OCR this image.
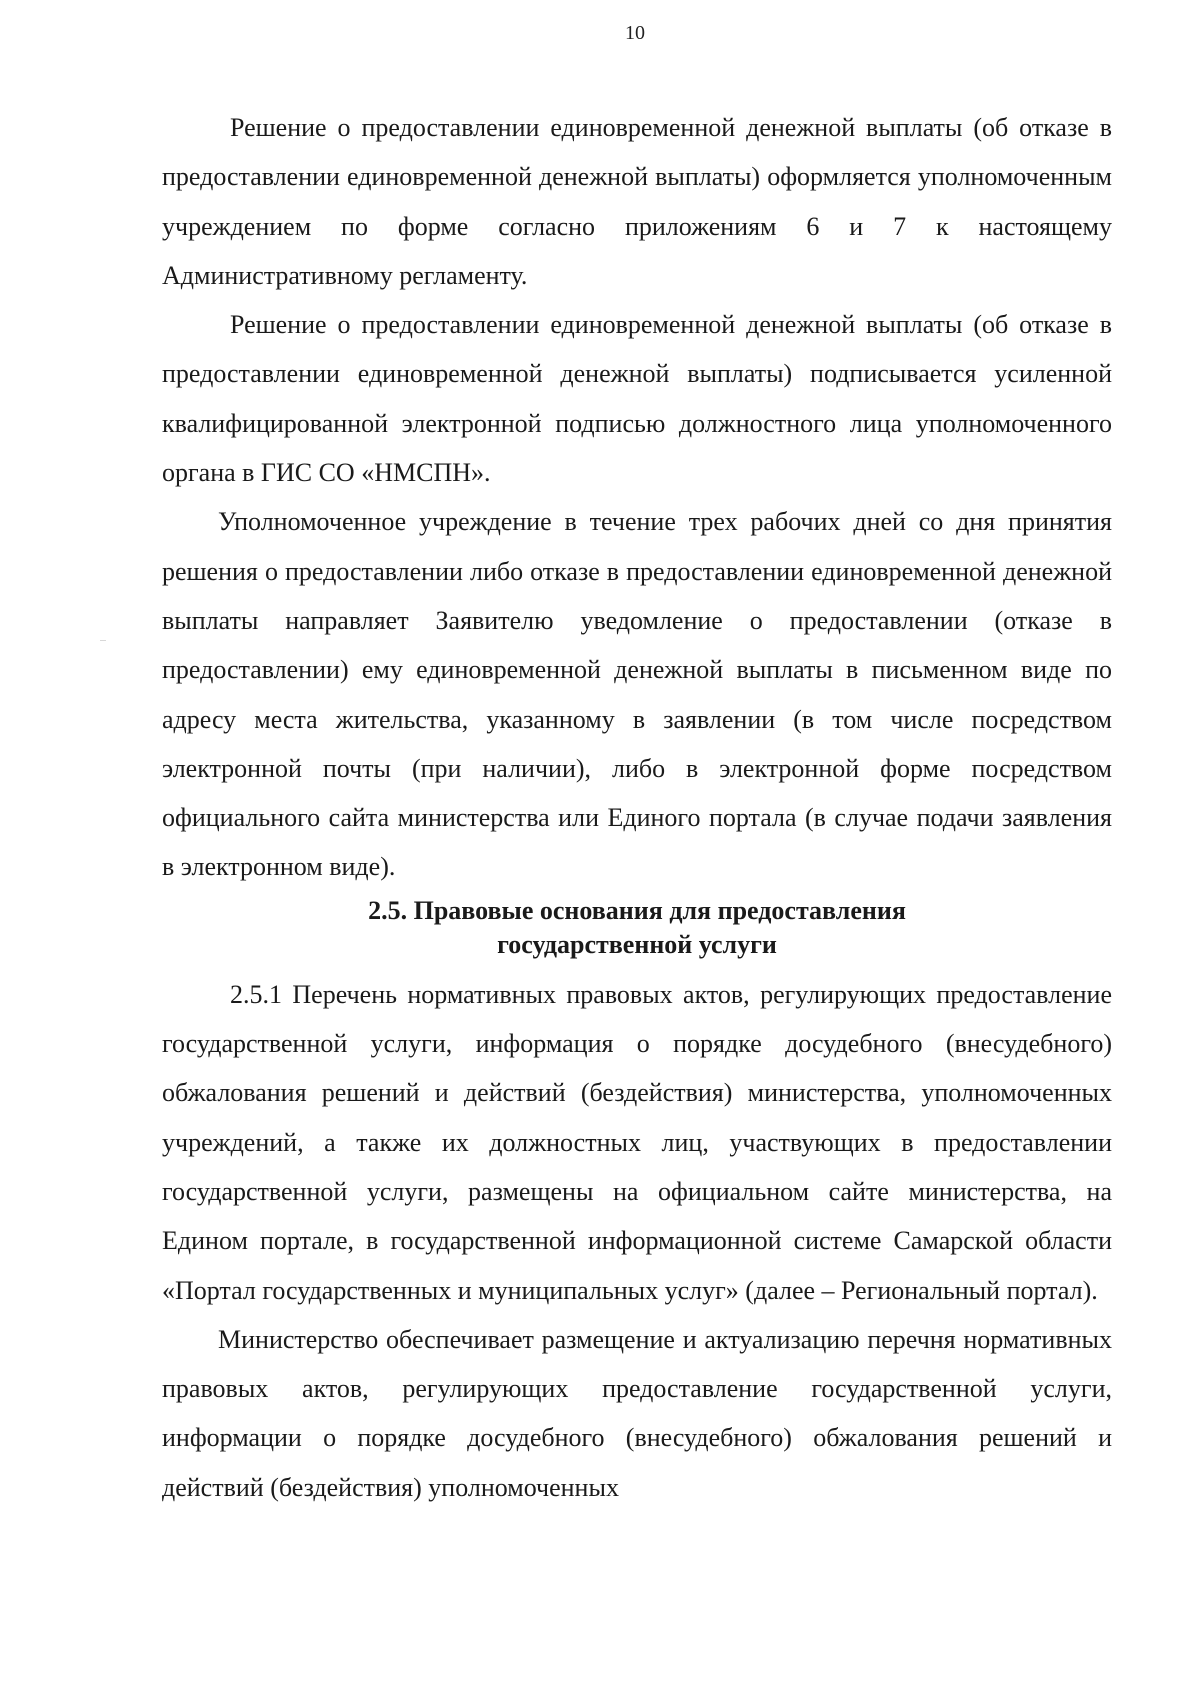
10

Решение о предоставлении единовременной денежной выплаты (об отказе в предоставлении единовременной денежной выплаты) оформляется уполномоченным учреждением по форме согласно приложениям 6 и 7 к настоящему Административному регламенту.

Решение о предоставлении единовременной денежной выплаты (об отказе в предоставлении единовременной денежной выплаты) подписывается усиленной квалифицированной электронной подписью должностного лица уполномоченного органа в ГИС СО «НМСПН».

Уполномоченное учреждение в течение трех рабочих дней со дня принятия решения о предоставлении либо отказе в предоставлении единовременной денежной выплаты направляет Заявителю уведомление о предоставлении (отказе в предоставлении) ему единовременной денежной выплаты в письменном виде по адресу места жительства, указанному в заявлении (в том числе посредством электронной почты (при наличии), либо в электронной форме посредством официального сайта министерства или Единого портала (в случае подачи заявления в электронном виде).

2.5. Правовые основания для предоставления
государственной услуги

2.5.1 Перечень нормативных правовых актов, регулирующих предоставление государственной услуги, информация о порядке досудебного (внесудебного) обжалования решений и действий (бездействия) министерства, уполномоченных учреждений, а также их должностных лиц, участвующих в предоставлении государственной услуги, размещены на официальном сайте министерства, на Едином портале, в государственной информационной системе Самарской области «Портал государственных и муниципальных услуг» (далее – Региональный портал).

Министерство обеспечивает размещение и актуализацию перечня нормативных правовых актов, регулирующих предоставление государственной услуги, информации о порядке досудебного (внесудебного) обжалования решений и действий (бездействия) уполномоченных
